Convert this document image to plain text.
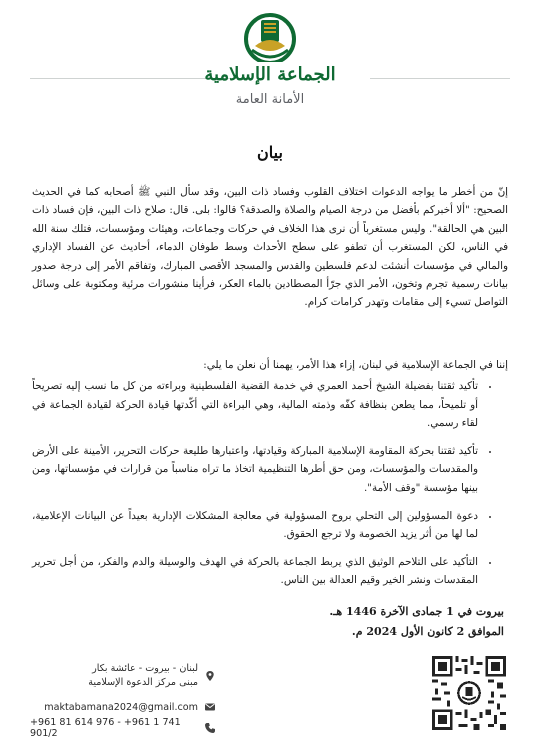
الجماعة الإسلامية
الأمانة العامة
بيان
إنّ من أخطر ما يواجه الدعوات اختلاف القلوب وفساد ذات البين، وقد سأل النبي ﷺ أصحابه كما في الحديث الصحيح: "ألا أخبركم بأفضل من درجة الصيام والصلاة والصدقة؟ قالوا: بلى. قال: صلاح ذات البين، فإن فساد ذات البين هي الحالقة". وليس مستغرباً أن نرى هذا الخلاف في حركات وجماعات، وهيئات ومؤسسات، فتلك سنة الله في الناس، لكن المستغرب أن تطفو على سطح الأحداث وسط طوفان الدماء، أحاديث عن الفساد الإداري والمالي في مؤسسات أنشئت لدعم فلسطين والقدس والمسجد الأقصى المبارك، وتفاقم الأمر إلى درجة صدور بيانات رسمية تجرم وتخون، الأمر الذي جرّأ المصطادين بالماء العكر، فرأينا منشورات مرئية ومكتوبة على وسائل التواصل تسيء إلى مقامات وتهدر كرامات كرام.
إننا في الجماعة الإسلامية في لبنان، إزاء هذا الأمر، يهمنا أن نعلن ما يلي:
• تأكيد ثقتنا بفضيلة الشيخ أحمد العمري في خدمة القضية الفلسطينية وبراءته من كل ما نسب إليه تصريحاً أو تلميحاً، مما يطعن بنظافة كفّه وذمته المالية، وهي البراءة التي أكّدتها قيادة الحركة لقيادة الجماعة في لقاء رسمي.
• تأكيد ثقتنا بحركة المقاومة الإسلامية المباركة وقيادتها، واعتبارها طليعة حركات التحرير، الأمينة على الأرض والمقدسات والمؤسسات، ومن حق أطرها التنظيمية اتخاذ ما تراه مناسباً من قرارات في مؤسساتها، ومن بينها مؤسسة "وقف الأمة".
• دعوة المسؤولين إلى التحلي بروح المسؤولية في معالجة المشكلات الإدارية بعيداً عن البيانات الإعلامية، لما لها من أثر يزيد الخصومة ولا ترجع الحقوق.
• التأكيد على التلاحم الوثيق الذي يربط الجماعة بالحركة في الهدف والوسيلة والدم والفكر، من أجل تحرير المقدسات ونشر الخير وقيم العدالة بين الناس.
بيروت في 1 جمادى الآخرة 1446 هـ.
الموافق 2 كانون الأول 2024 م.
لبنان - بيروت - عائشة بكار
مبنى مركز الدعوة الإسلامية
maktabamana2024@gmail.com
+961 81 614 976 - +961 1 741 901/2
